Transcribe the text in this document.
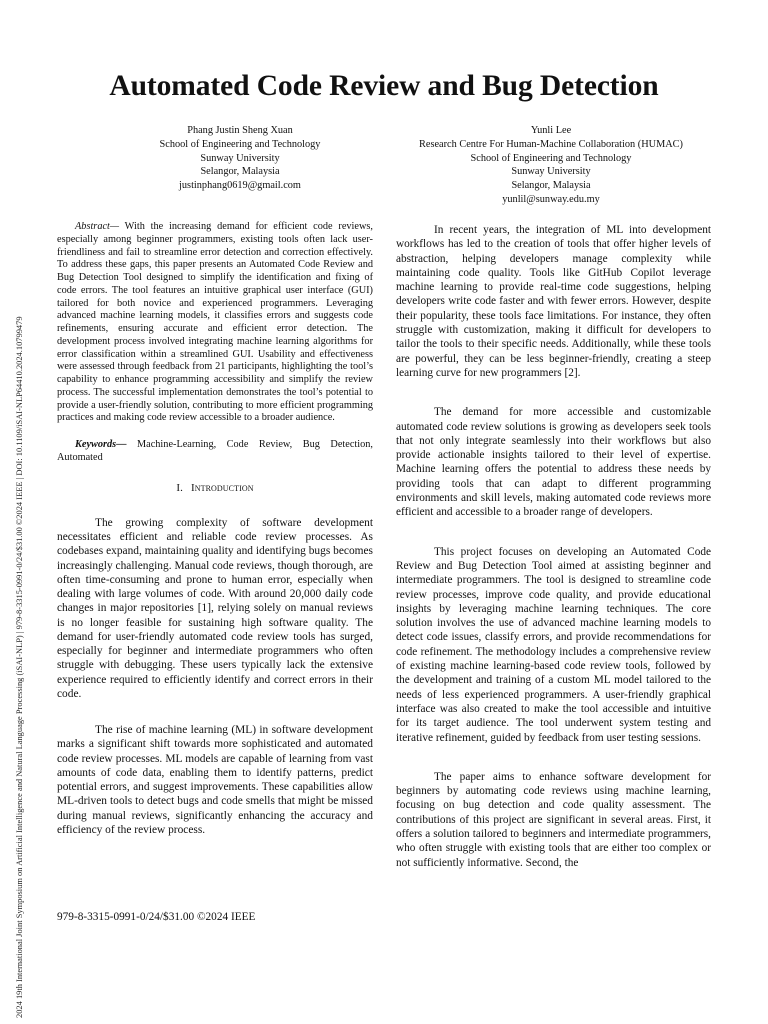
2024 19th International Joint Symposium on Artificial Intelligence and Natural Language Processing (iSAI-NLP) | 979-8-3315-0991-0/24/$31.00 ©2024 IEEE | DOI: 10.1109/iSAI-NLP64410.2024.10799479
Automated Code Review and Bug Detection
Phang Justin Sheng Xuan
School of Engineering and Technology
Sunway University
Selangor, Malaysia
justinphang0619@gmail.com
Yunli Lee
Research Centre For Human-Machine Collaboration (HUMAC)
School of Engineering and Technology
Sunway University
Selangor, Malaysia
yunlil@sunway.edu.my

Abstract— With the increasing demand for efficient code reviews, especially among beginner programmers, existing tools often lack user-friendliness and fail to streamline error detection and correction effectively. To address these gaps, this paper presents an Automated Code Review and Bug Detection Tool designed to simplify the identification and fixing of code errors. The tool features an intuitive graphical user interface (GUI) tailored for both novice and experienced programmers. Leveraging advanced machine learning models, it classifies errors and suggests code refinements, ensuring accurate and efficient error detection. The development process involved integrating machine learning algorithms for error classification within a streamlined GUI. Usability and effectiveness were assessed through feedback from 21 participants, highlighting the tool’s capability to enhance programming accessibility and simplify the review process. The successful implementation demonstrates the tool’s potential to provide a user-friendly solution, contributing to more efficient programming practices and making code review accessible to a broader audience.

Keywords— Machine-Learning, Code Review, Bug Detection, Automated

I. Introduction

The growing complexity of software development necessitates efficient and reliable code review processes. As codebases expand, maintaining quality and identifying bugs becomes increasingly challenging. Manual code reviews, though thorough, are often time-consuming and prone to human error, especially when dealing with large volumes of code. With around 20,000 daily code changes in major repositories [1], relying solely on manual reviews is no longer feasible for sustaining high software quality. The demand for user-friendly automated code review tools has surged, especially for beginner and intermediate programmers who often struggle with debugging. These users typically lack the extensive experience required to efficiently identify and correct errors in their code.

The rise of machine learning (ML) in software development marks a significant shift towards more sophisticated and automated code review processes. ML models are capable of learning from vast amounts of code data, enabling them to identify patterns, predict potential errors, and suggest improvements. These capabilities allow ML-driven tools to detect bugs and code smells that might be missed during manual reviews, significantly enhancing the accuracy and efficiency of the review process.

In recent years, the integration of ML into development workflows has led to the creation of tools that offer higher levels of abstraction, helping developers manage complexity while maintaining code quality. Tools like GitHub Copilot leverage machine learning to provide real-time code suggestions, helping developers write code faster and with fewer errors. However, despite their popularity, these tools face limitations. For instance, they often struggle with customization, making it difficult for developers to tailor the tools to their specific needs. Additionally, while these tools are powerful, they can be less beginner-friendly, creating a steep learning curve for new programmers [2].

The demand for more accessible and customizable automated code review solutions is growing as developers seek tools that not only integrate seamlessly into their workflows but also provide actionable insights tailored to their level of expertise. Machine learning offers the potential to address these needs by providing tools that can adapt to different programming environments and skill levels, making automated code reviews more efficient and accessible to a broader range of developers.

This project focuses on developing an Automated Code Review and Bug Detection Tool aimed at assisting beginner and intermediate programmers. The tool is designed to streamline code review processes, improve code quality, and provide educational insights by leveraging machine learning techniques. The core solution involves the use of advanced machine learning models to detect code issues, classify errors, and provide recommendations for code refinement. The methodology includes a comprehensive review of existing machine learning-based code review tools, followed by the development and training of a custom ML model tailored to the needs of less experienced programmers. A user-friendly graphical interface was also created to make the tool accessible and intuitive for its target audience. The tool underwent system testing and iterative refinement, guided by feedback from user testing sessions.

The paper aims to enhance software development for beginners by automating code reviews using machine learning, focusing on bug detection and code quality assessment. The contributions of this project are significant in several areas. First, it offers a solution tailored to beginners and intermediate programmers, who often struggle with existing tools that are either too complex or not sufficiently informative. Second, the

979-8-3315-0991-0/24/$31.00 ©2024 IEEE
